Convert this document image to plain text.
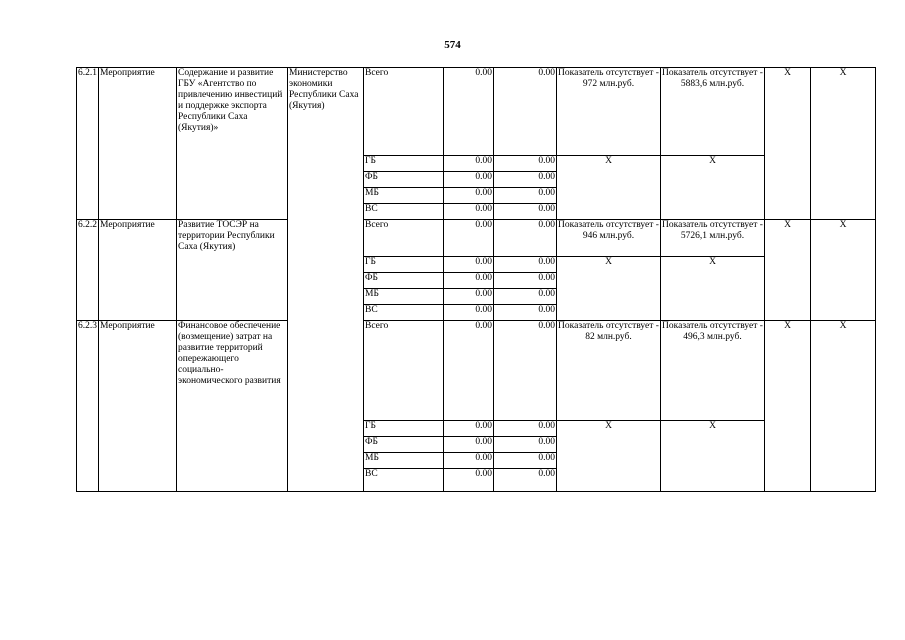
574
6.2.1	Мероприятие	Содержание и развитие ГБУ «Агентство по привлечению инвестиций и поддержке экспорта Республики Саха (Якутия)»	Министерство экономики Республики Саха (Якутия)	Всего	0.00	0.00	Показатель отсутствует - 972 млн.руб.	Показатель отсутствует - 5883,6 млн.руб.	Х	Х
				ГБ	0.00	0.00	Х	Х		
				ФБ	0.00	0.00				
				МБ	0.00	0.00				
				ВС	0.00	0.00				
6.2.2	Мероприятие	Развитие ТОСЭР на территории Республики Саха (Якутия)		Всего	0.00	0.00	Показатель отсутствует - 946 млн.руб.	Показатель отсутствует - 5726,1 млн.руб.	Х	Х
				ГБ	0.00	0.00	Х	Х		
				ФБ	0.00	0.00				
				МБ	0.00	0.00				
				ВС	0.00	0.00				
6.2.3	Мероприятие	Финансовое обеспечение (возмещение) затрат на развитие территорий опережающего социально-экономического развития		Всего	0.00	0.00	Показатель отсутствует - 82 млн.руб.	Показатель отсутствует - 496,3 млн.руб.	Х	Х
				ГБ	0.00	0.00	Х	Х		
				ФБ	0.00	0.00				
				МБ	0.00	0.00				
				ВС	0.00	0.00				
